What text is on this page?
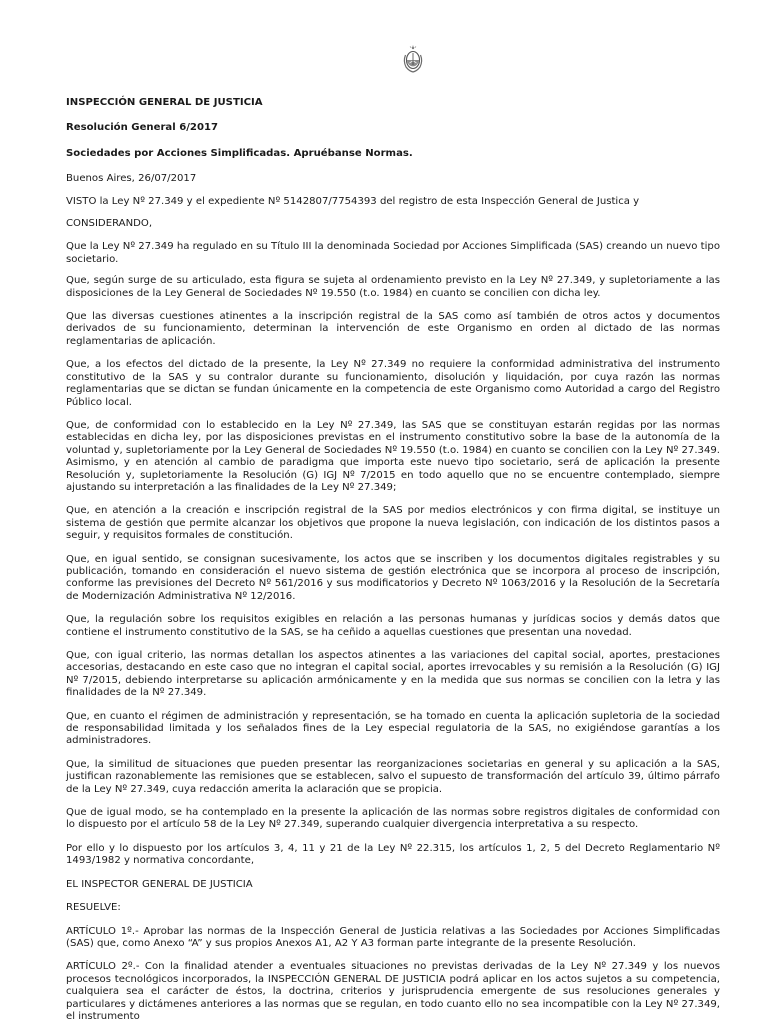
INSPECCIÓN GENERAL DE JUSTICIA

Resolución General 6/2017

Sociedades por Acciones Simplificadas. Apruébanse Normas.

Buenos Aires, 26/07/2017

VISTO la Ley Nº 27.349 y el expediente Nº 5142807/7754393 del registro de esta Inspección General de Justica y

CONSIDERANDO,

Que la Ley Nº 27.349 ha regulado en su Título III la denominada Sociedad por Acciones Simplificada (SAS) creando un nuevo tipo societario.

Que, según surge de su articulado, esta figura se sujeta al ordenamiento previsto en la Ley Nº 27.349, y supletoriamente a las disposiciones de la Ley General de Sociedades Nº 19.550 (t.o. 1984) en cuanto se concilien con dicha ley.

Que las diversas cuestiones atinentes a la inscripción registral de la SAS como así también de otros actos y documentos derivados de su funcionamiento, determinan la intervención de este Organismo en orden al dictado de las normas reglamentarias de aplicación.

Que, a los efectos del dictado de la presente, la Ley Nº 27.349 no requiere la conformidad administrativa del instrumento constitutivo de la SAS y su contralor durante su funcionamiento, disolución y liquidación, por cuya razón las normas reglamentarias que se dictan se fundan únicamente en la competencia de este Organismo como Autoridad a cargo del Registro Público local.

Que, de conformidad con lo establecido en la Ley Nº 27.349, las SAS que se constituyan estarán regidas por las normas establecidas en dicha ley, por las disposiciones previstas en el instrumento constitutivo sobre la base de la autonomía de la voluntad y, supletoriamente por la Ley General de Sociedades Nº 19.550 (t.o. 1984) en cuanto se concilien con la Ley Nº 27.349. Asimismo, y en atención al cambio de paradigma que importa este nuevo tipo societario, será de aplicación la presente Resolución y, supletoriamente la Resolución (G) IGJ Nº 7/2015 en todo aquello que no se encuentre contemplado, siempre ajustando su interpretación a las finalidades de la Ley Nº 27.349;

Que, en atención a la creación e inscripción registral de la SAS por medios electrónicos y con firma digital, se instituye un sistema de gestión que permite alcanzar los objetivos que propone la nueva legislación, con indicación de los distintos pasos a seguir, y requisitos formales de constitución.

Que, en igual sentido, se consignan sucesivamente, los actos que se inscriben y los documentos digitales registrables y su publicación, tomando en consideración el nuevo sistema de gestión electrónica que se incorpora al proceso de inscripción, conforme las previsiones del Decreto Nº 561/2016 y sus modificatorios y Decreto Nº 1063/2016 y la Resolución de la Secretaría de Modernización Administrativa Nº 12/2016.

Que, la regulación sobre los requisitos exigibles en relación a las personas humanas y jurídicas socios y demás datos que contiene el instrumento constitutivo de la SAS, se ha ceñido a aquellas cuestiones que presentan una novedad.

Que, con igual criterio, las normas detallan los aspectos atinentes a las variaciones del capital social, aportes, prestaciones accesorias, destacando en este caso que no integran el capital social, aportes irrevocables y su remisión a la Resolución (G) IGJ Nº 7/2015, debiendo interpretarse su aplicación armónicamente y en la medida que sus normas se concilien con la letra y las finalidades de la Nº 27.349.

Que, en cuanto el régimen de administración y representación, se ha tomado en cuenta la aplicación supletoria de la sociedad de responsabilidad limitada y los señalados fines de la Ley especial regulatoria de la SAS, no exigiéndose garantías a los administradores.

Que, la similitud de situaciones que pueden presentar las reorganizaciones societarias en general y su aplicación a la SAS, justifican razonablemente las remisiones que se establecen, salvo el supuesto de transformación del artículo 39, último párrafo de la Ley Nº 27.349, cuya redacción amerita la aclaración que se propicia.

Que de igual modo, se ha contemplado en la presente la aplicación de las normas sobre registros digitales de conformidad con lo dispuesto por el artículo 58 de la Ley Nº 27.349, superando cualquier divergencia interpretativa a su respecto.

Por ello y lo dispuesto por los artículos 3, 4, 11 y 21 de la Ley Nº 22.315, los artículos 1, 2, 5 del Decreto Reglamentario Nº 1493/1982 y normativa concordante,

EL INSPECTOR GENERAL DE JUSTICIA

RESUELVE:

ARTÍCULO 1º.- Aprobar las normas de la Inspección General de Justicia relativas a las Sociedades por Acciones Simplificadas (SAS) que, como Anexo “A” y sus propios Anexos A1, A2 Y A3 forman parte integrante de la presente Resolución.

ARTÍCULO 2º.- Con la finalidad atender a eventuales situaciones no previstas derivadas de la Ley Nº 27.349 y los nuevos procesos tecnológicos incorporados, la INSPECCIÓN GENERAL DE JUSTICIA podrá aplicar en los actos sujetos a su competencia, cualquiera sea el carácter de éstos, la doctrina, criterios y jurisprudencia emergente de sus resoluciones generales y particulares y dictámenes anteriores a las normas que se regulan, en todo cuanto ello no sea incompatible con la Ley Nº 27.349, el instrumento
